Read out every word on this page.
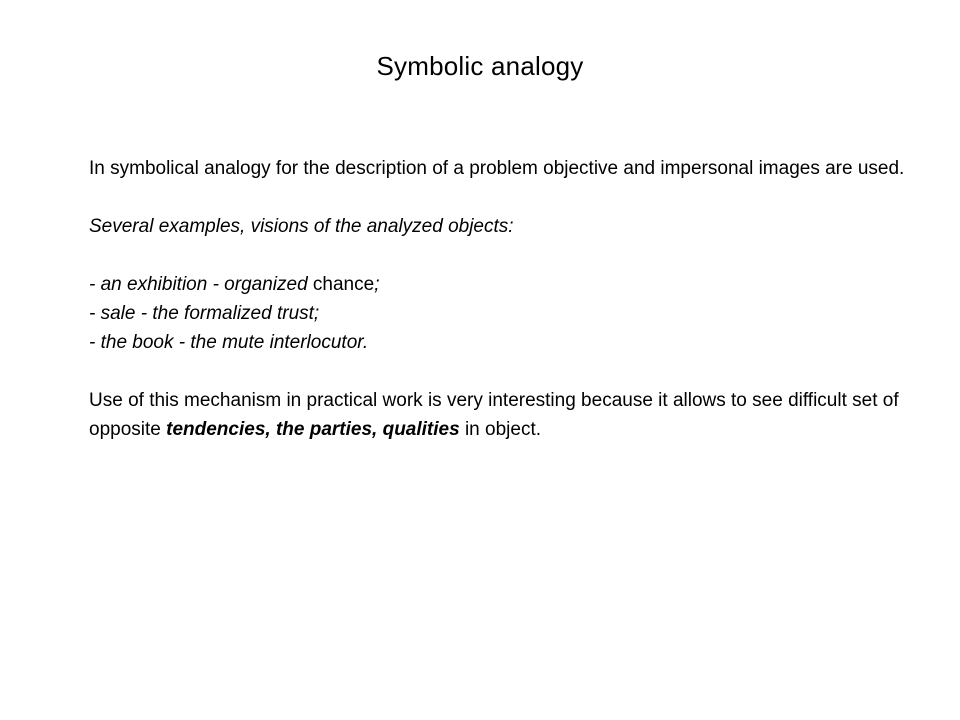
Symbolic analogy

In symbolical analogy for the description of a problem objective and impersonal images are used.

Several examples, visions of the analyzed objects:

- an exhibition - organized chance;

- sale - the formalized trust;

- the book - the mute interlocutor.

Use of this mechanism in practical work is very interesting because it allows to see difficult set of opposite tendencies, the parties, qualities in object.
